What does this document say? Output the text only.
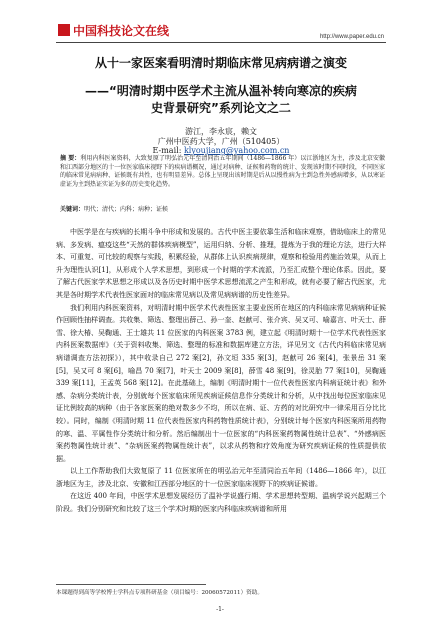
中国科技论文在线	http://www.paper.edu.cn
从十一家医案看明清时期临床常见病病谱之演变
——“明清时期中医学术主流从温补转向寒凉的疾病
史背景研究”系列论文之二
游江，李永宸，赖文
广州中医药大学，广州（510405）
E-mail: klyoujiang@yahoo.com.cn
摘 要：利用内科医案资料，大致复原了明弘治元年至清同治五年期间（1486—1866 年）以江浙地区为主，涉及北京安徽和江西部分地区的十一位医家临床视野下的疾病谱概况，通过对病种、证候和药物的统计、发现该时期不同时段，不同医家的临床常见病病种、证候既有共性，也有明显差异。总体上呈现出该时期是后从以慢性病为主到急性外感病增多，从以寒证虚证为主到热证实证为多的历史变化趋势。
关键词：明代；清代；内科；病种；证候

中医学是在与疾病的长期斗争中形成和发展的。古代中医主要依靠生活和临床观察，借助临床上的常见病、多发病、瘟疫这些“天然的群体疾病模型”，运用归纳、分析、推理，提炼为于我的理论方法，进行大样本、可重复、可比较的观察与实践，积累经验，从群体上认识疾病规律，观察和检验用药施治效果，从而上升为理性认识[1]，从形成个人学术思想，到形成一个时期的学术流派，乃至汇成整个理论体系。因此，要了解古代医家学术思想之形成以及各历史时期中医学术思想流派之产生和形成，就有必要了解古代医家，尤其是各时期学术代表性医家面对的临床常见病以及常见病病谱的历史性差异。

我们利用内科医案资料，对明清时期中医学术代表性医家主要业医所在地区的内科临床常见病病种证候作回顾性抽样调查。共收集、筛选、整理出薛己、孙一奎、赵献可、张介宾、吴又可、喻嘉言、叶天士、薛雪、徐大椿、吴鞠通、王士雄共 11 位医家的内科医案 3783 例，建立起《明清时期十一位学术代表性医家内科医案数据库》（关于资料收集、筛选、整理的标准和数据库建立方法，详见另文《古代内科临床常见病病谱调查方法初探》），其中收录自己 272 案[2]，孙文垣 335 案[3]，赵献可 26 案[4]，张景岳 31 案[5]，吴又可 8 案[6]，喻昌 70 案[7]，叶天士 2009 案[8]，薛雪 48 案[9]，徐灵胎 77 案[10]，吴鞠通 339 案[11]，王孟英 568 案[12]。在此基础上，编制《明清时期十一位代表性医家内科病证统计表》和外感、杂病分类统计表，分别就每个医家临床所见疾病证候信息作分类统计和分析，从中找出每位医家临床见证比例较高的病种（由于各家医案的绝对数多少不均，所以在病、证、方药的对比研究中一律采用百分比比较）。同时，编制《明清时期 11 位代表性医家内科药物性质统计表》，分别统计每个医家内科医案所用药物的寒、温、平属性作分类统计和分析。然后编制出十一位医家的“内科医案药物属性统计总表”、“外感病医案药物属性统计表”、“杂病医案药物属性统计表”，以求从药物和疗效角度为研究疾病证候的性质提供依据。

以上工作帮助我们大致复原了 11 位医家所在的明弘治元年至清同治五年间（1486—1866 年），以江浙地区为主，涉及北京、安徽和江西部分地区的十一位医家临床视野下的疾病证候谱。

在这近 400 年间，中医学术思想发展经历了温补学说盛行期、学术思想转型期、温病学说兴起期三个阶段。我们分别研究和比较了这三个学术时期的医家内科临床疾病谱和所用

本课题得到高等学校博士学科点专项科研基金（项目编号：20060572011）资助。
-1-
